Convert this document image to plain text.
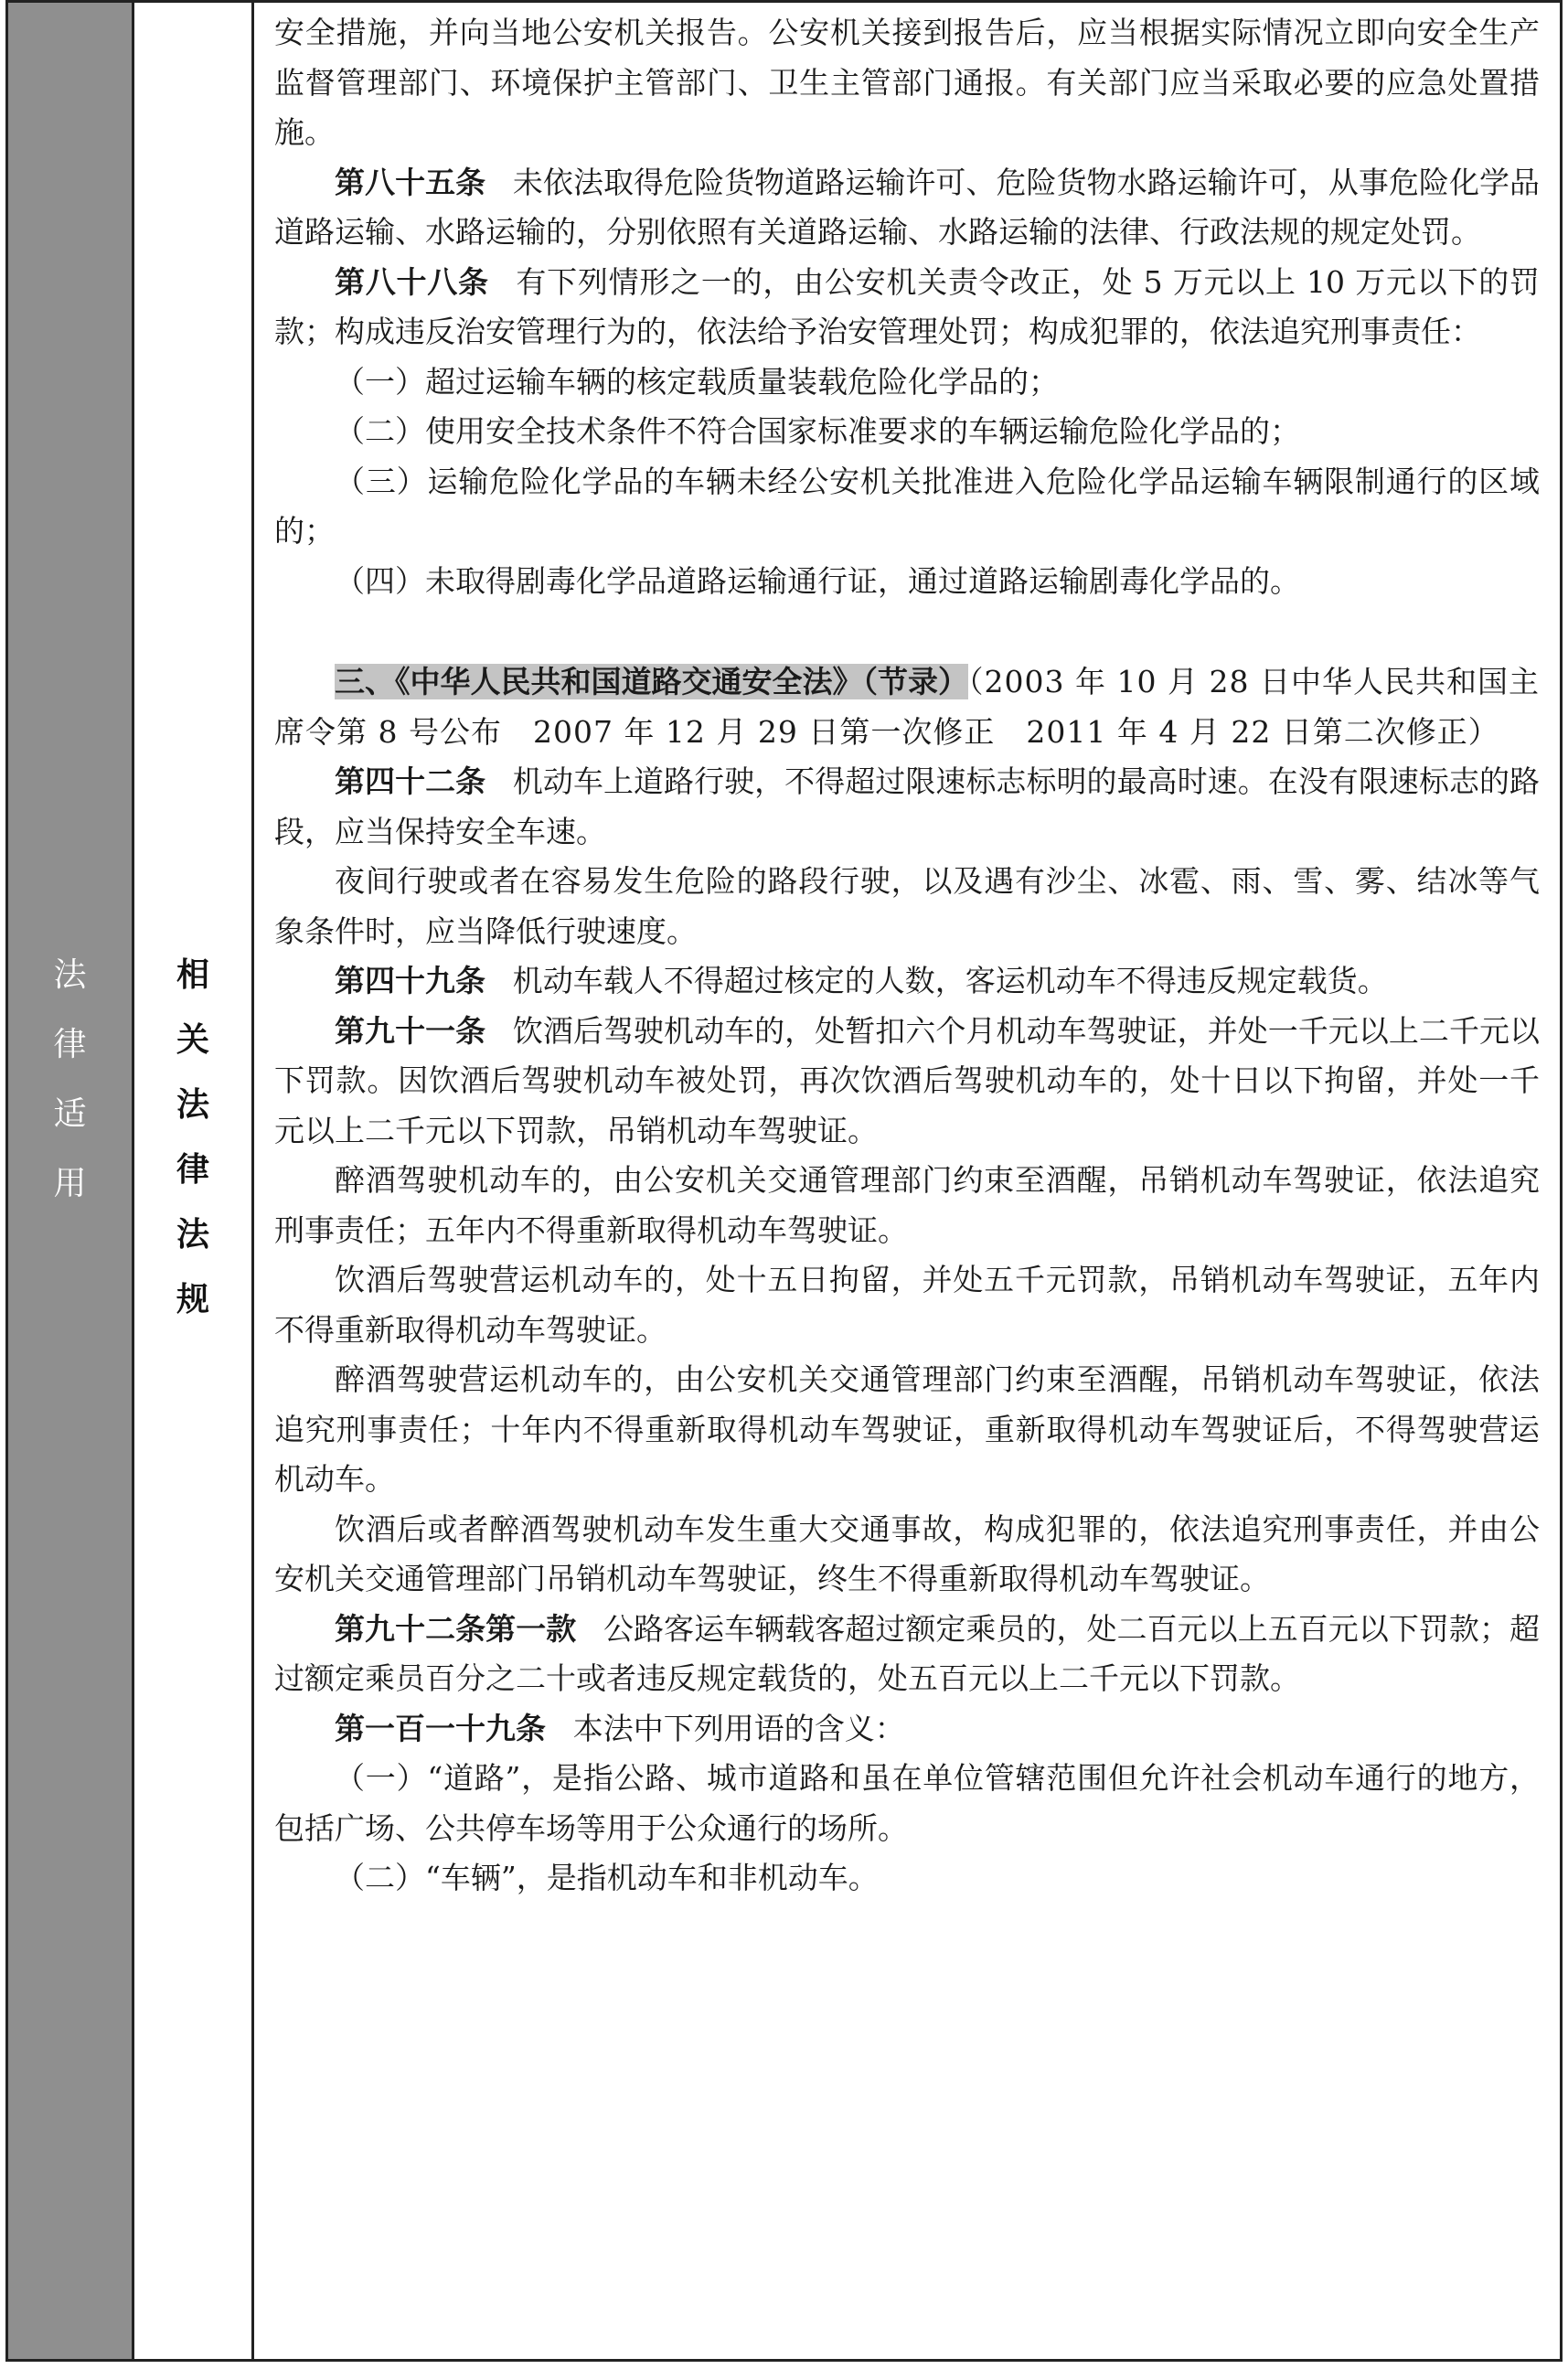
法
律
适
用
相
关
法
律
法
规

安全措施，并向当地公安机关报告。公安机关接到报告后，应当根据实际情况立即向安全生产监督管理部门、环境保护主管部门、卫生主管部门通报。有关部门应当采取必要的应急处置措施。

第八十五条 未依法取得危险货物道路运输许可、危险货物水路运输许可，从事危险化学品道路运输、水路运输的，分别依照有关道路运输、水路运输的法律、行政法规的规定处罚。

第八十八条 有下列情形之一的，由公安机关责令改正，处 5 万元以上 10 万元以下的罚款；构成违反治安管理行为的，依法给予治安管理处罚；构成犯罪的，依法追究刑事责任：

（一）超过运输车辆的核定载质量装载危险化学品的；

（二）使用安全技术条件不符合国家标准要求的车辆运输危险化学品的；

（三）运输危险化学品的车辆未经公安机关批准进入危险化学品运输车辆限制通行的区域的；

（四）未取得剧毒化学品道路运输通行证，通过道路运输剧毒化学品的。

三、《中华人民共和国道路交通安全法》（节录）（2003 年 10 月 28 日中华人民共和国主席令第 8 号公布　2007 年 12 月 29 日第一次修正　2011 年 4 月 22 日第二次修正）

第四十二条 机动车上道路行驶，不得超过限速标志标明的最高时速。在没有限速标志的路段，应当保持安全车速。

夜间行驶或者在容易发生危险的路段行驶，以及遇有沙尘、冰雹、雨、雪、雾、结冰等气象条件时，应当降低行驶速度。

第四十九条 机动车载人不得超过核定的人数，客运机动车不得违反规定载货。

第九十一条 饮酒后驾驶机动车的，处暂扣六个月机动车驾驶证，并处一千元以上二千元以下罚款。因饮酒后驾驶机动车被处罚，再次饮酒后驾驶机动车的，处十日以下拘留，并处一千元以上二千元以下罚款，吊销机动车驾驶证。

醉酒驾驶机动车的，由公安机关交通管理部门约束至酒醒，吊销机动车驾驶证，依法追究刑事责任；五年内不得重新取得机动车驾驶证。

饮酒后驾驶营运机动车的，处十五日拘留，并处五千元罚款，吊销机动车驾驶证，五年内不得重新取得机动车驾驶证。

醉酒驾驶营运机动车的，由公安机关交通管理部门约束至酒醒，吊销机动车驾驶证，依法追究刑事责任；十年内不得重新取得机动车驾驶证，重新取得机动车驾驶证后，不得驾驶营运机动车。

饮酒后或者醉酒驾驶机动车发生重大交通事故，构成犯罪的，依法追究刑事责任，并由公安机关交通管理部门吊销机动车驾驶证，终生不得重新取得机动车驾驶证。

第九十二条第一款 公路客运车辆载客超过额定乘员的，处二百元以上五百元以下罚款；超过额定乘员百分之二十或者违反规定载货的，处五百元以上二千元以下罚款。

第一百一十九条 本法中下列用语的含义：

（一）“道路”，是指公路、城市道路和虽在单位管辖范围但允许社会机动车通行的地方，包括广场、公共停车场等用于公众通行的场所。

（二）“车辆”，是指机动车和非机动车。
